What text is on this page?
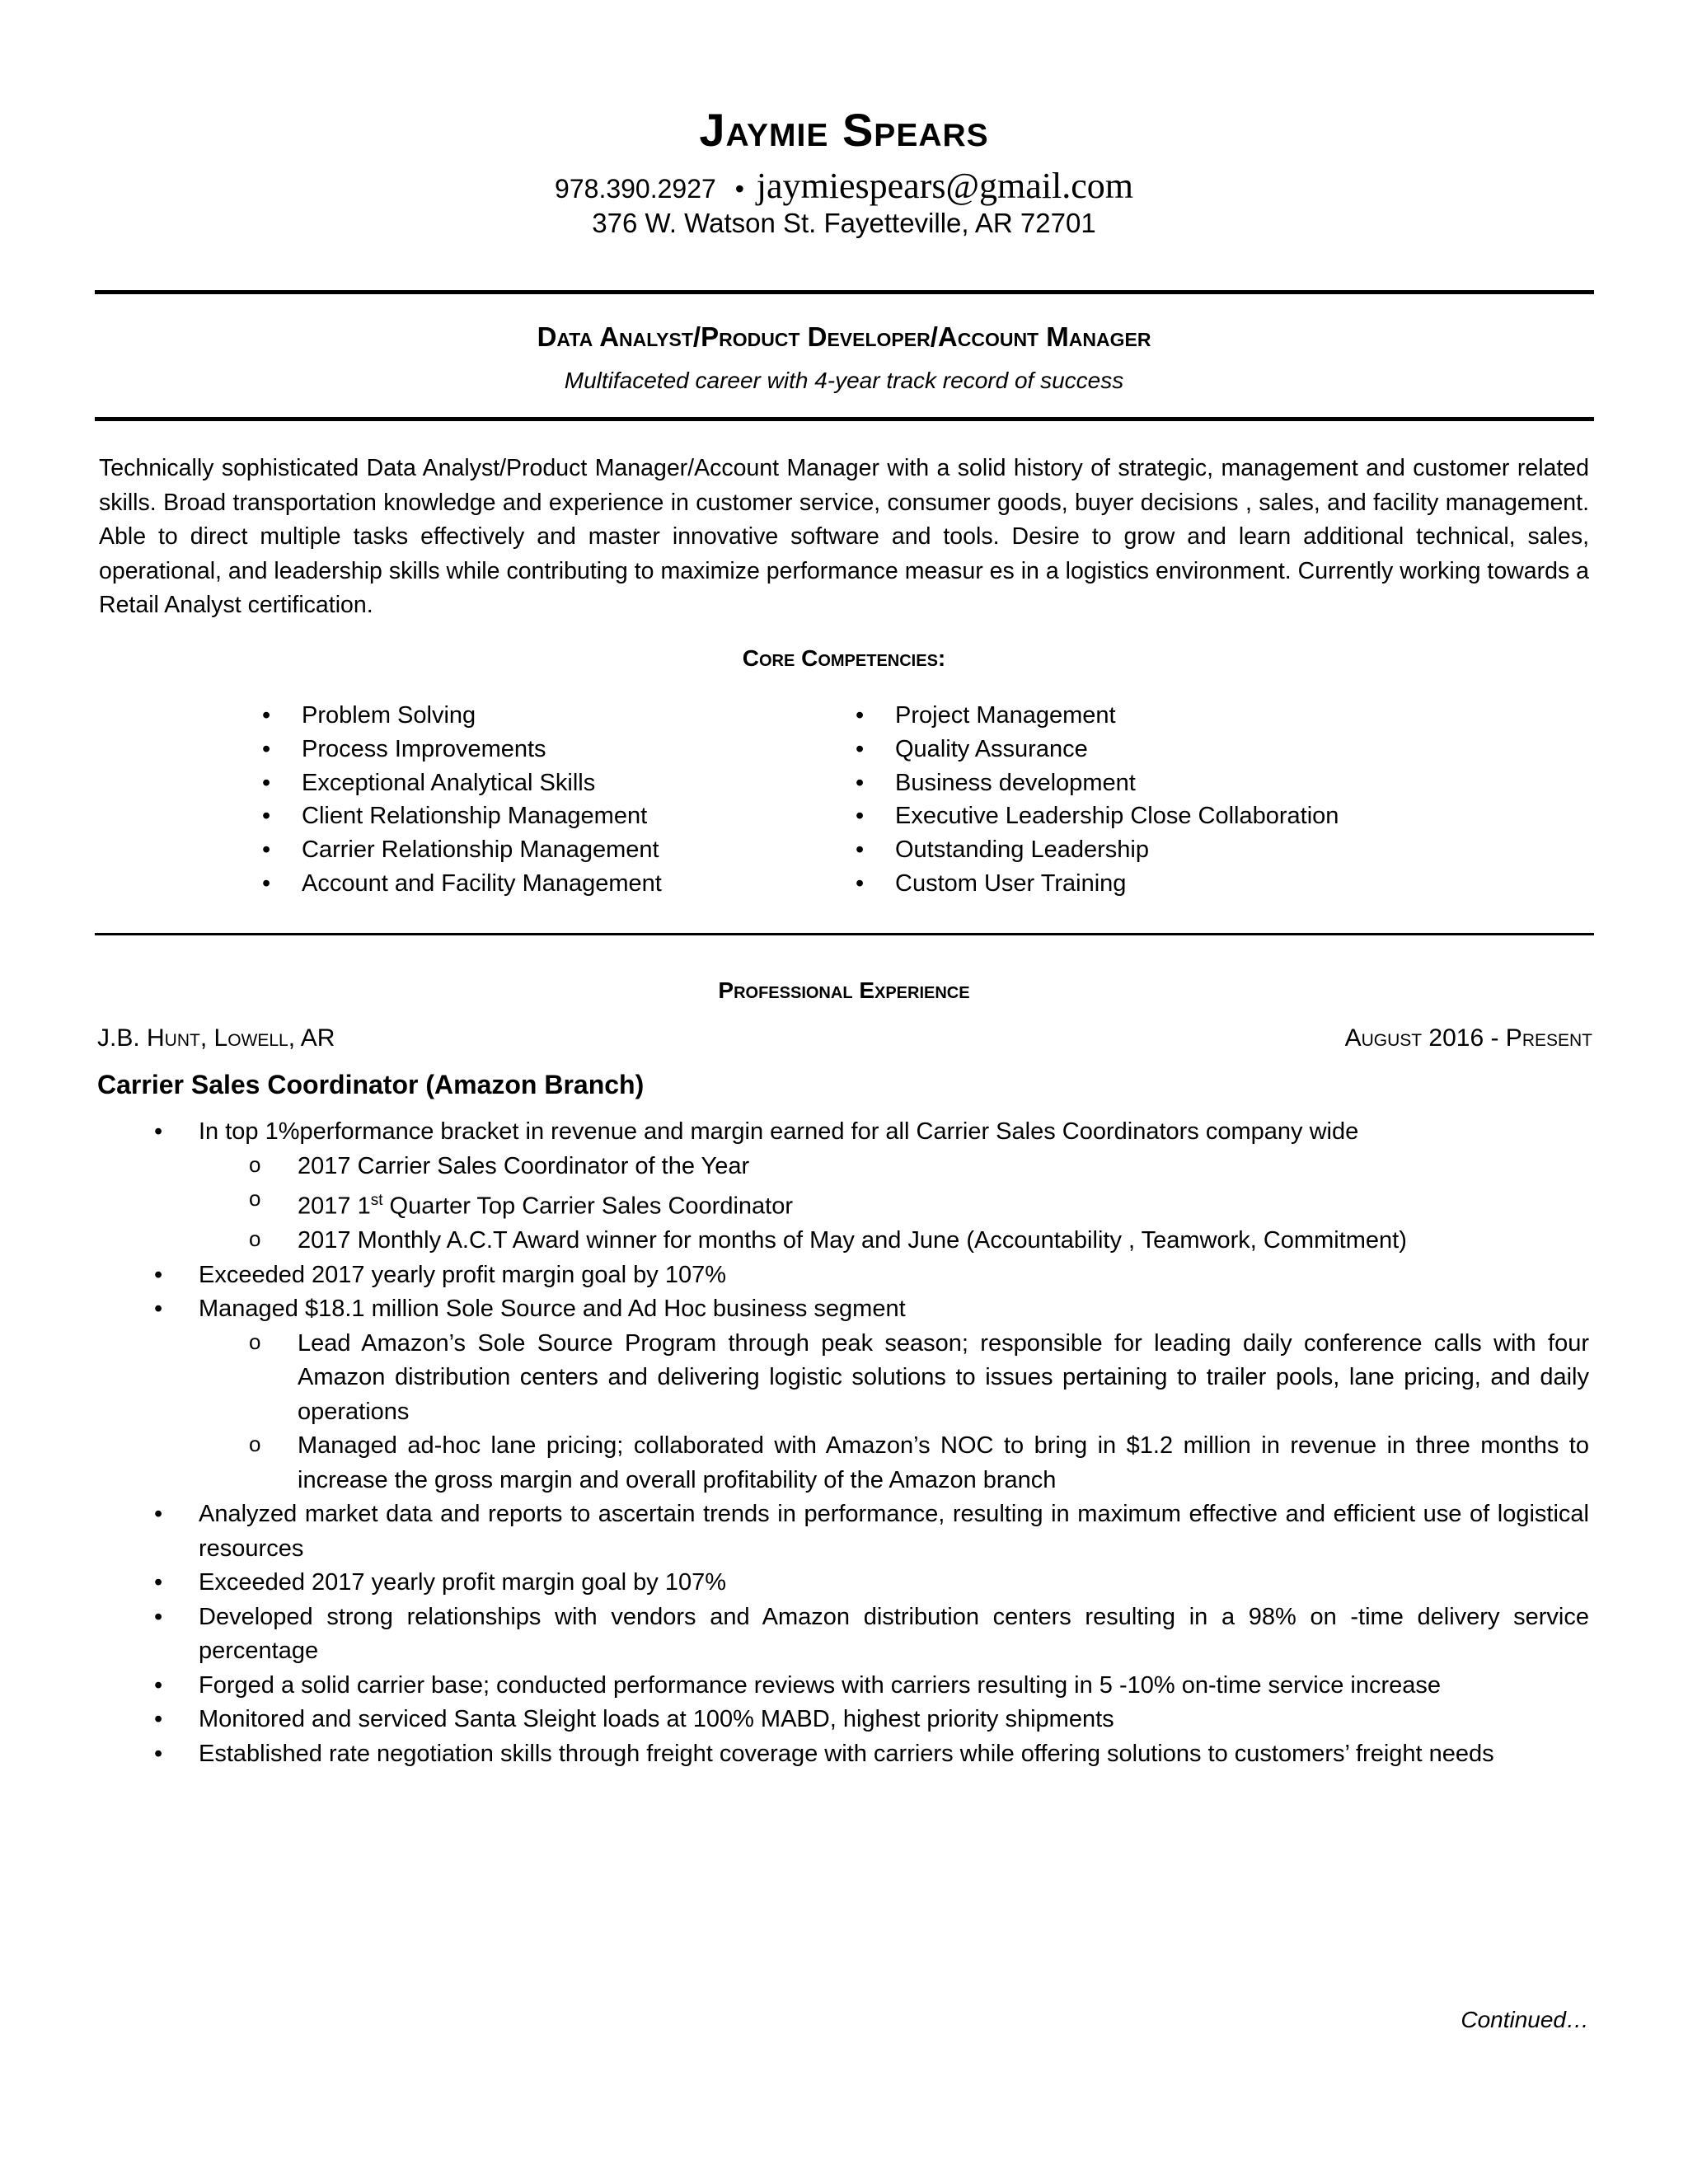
Jaymie Spears
978.390.2927 • jaymiespears@gmail.com
376 W. Watson St. Fayetteville, AR 72701
Data Analyst/Product Developer/Account Manager
Multifaceted career with 4-year track record of success
Technically sophisticated Data Analyst/Product Manager/Account Manager with a solid history of strategic, management and customer related skills. Broad transportation knowledge and experience in customer service, consumer goods, buyer decisions , sales, and facility management. Able to direct multiple tasks effectively and master innovative software and tools. Desire to grow and learn additional technical, sales, operational, and leadership skills while contributing to maximize performance measur es in a logistics environment. Currently working towards a Retail Analyst certification.
Core Competencies:
• Problem Solving
• Process Improvements
• Exceptional Analytical Skills
• Client Relationship Management
• Carrier Relationship Management
• Account and Facility Management
• Project Management
• Quality Assurance
• Business development
• Executive Leadership Close Collaboration
• Outstanding Leadership
• Custom User Training
Professional Experience
J.B. Hunt, Lowell, AR	August 2016 - Present
Carrier Sales Coordinator (Amazon Branch)
• In top 1%performance bracket in revenue and margin earned for all Carrier Sales Coordinators company wide
o 2017 Carrier Sales Coordinator of the Year
o 2017 1st Quarter Top Carrier Sales Coordinator
o 2017 Monthly A.C.T Award winner for months of May and June (Accountability , Teamwork, Commitment)
• Exceeded 2017 yearly profit margin goal by 107%
• Managed $18.1 million Sole Source and Ad Hoc business segment
o Lead Amazon’s Sole Source Program through peak season; responsible for leading daily conference calls with four Amazon distribution centers and delivering logistic solutions to issues pertaining to trailer pools, lane pricing, and daily operations
o Managed ad-hoc lane pricing; collaborated with Amazon’s NOC to bring in $1.2 million in revenue in three months to increase the gross margin and overall profitability of the Amazon branch
• Analyzed market data and reports to ascertain trends in performance, resulting in maximum effective and efficient use of logistical resources
• Exceeded 2017 yearly profit margin goal by 107%
• Developed strong relationships with vendors and Amazon distribution centers resulting in a 98% on -time delivery service percentage
• Forged a solid carrier base; conducted performance reviews with carriers resulting in 5 -10% on-time service increase
• Monitored and serviced Santa Sleight loads at 100% MABD, highest priority shipments
• Established rate negotiation skills through freight coverage with carriers while offering solutions to customers’ freight needs
Continued…
